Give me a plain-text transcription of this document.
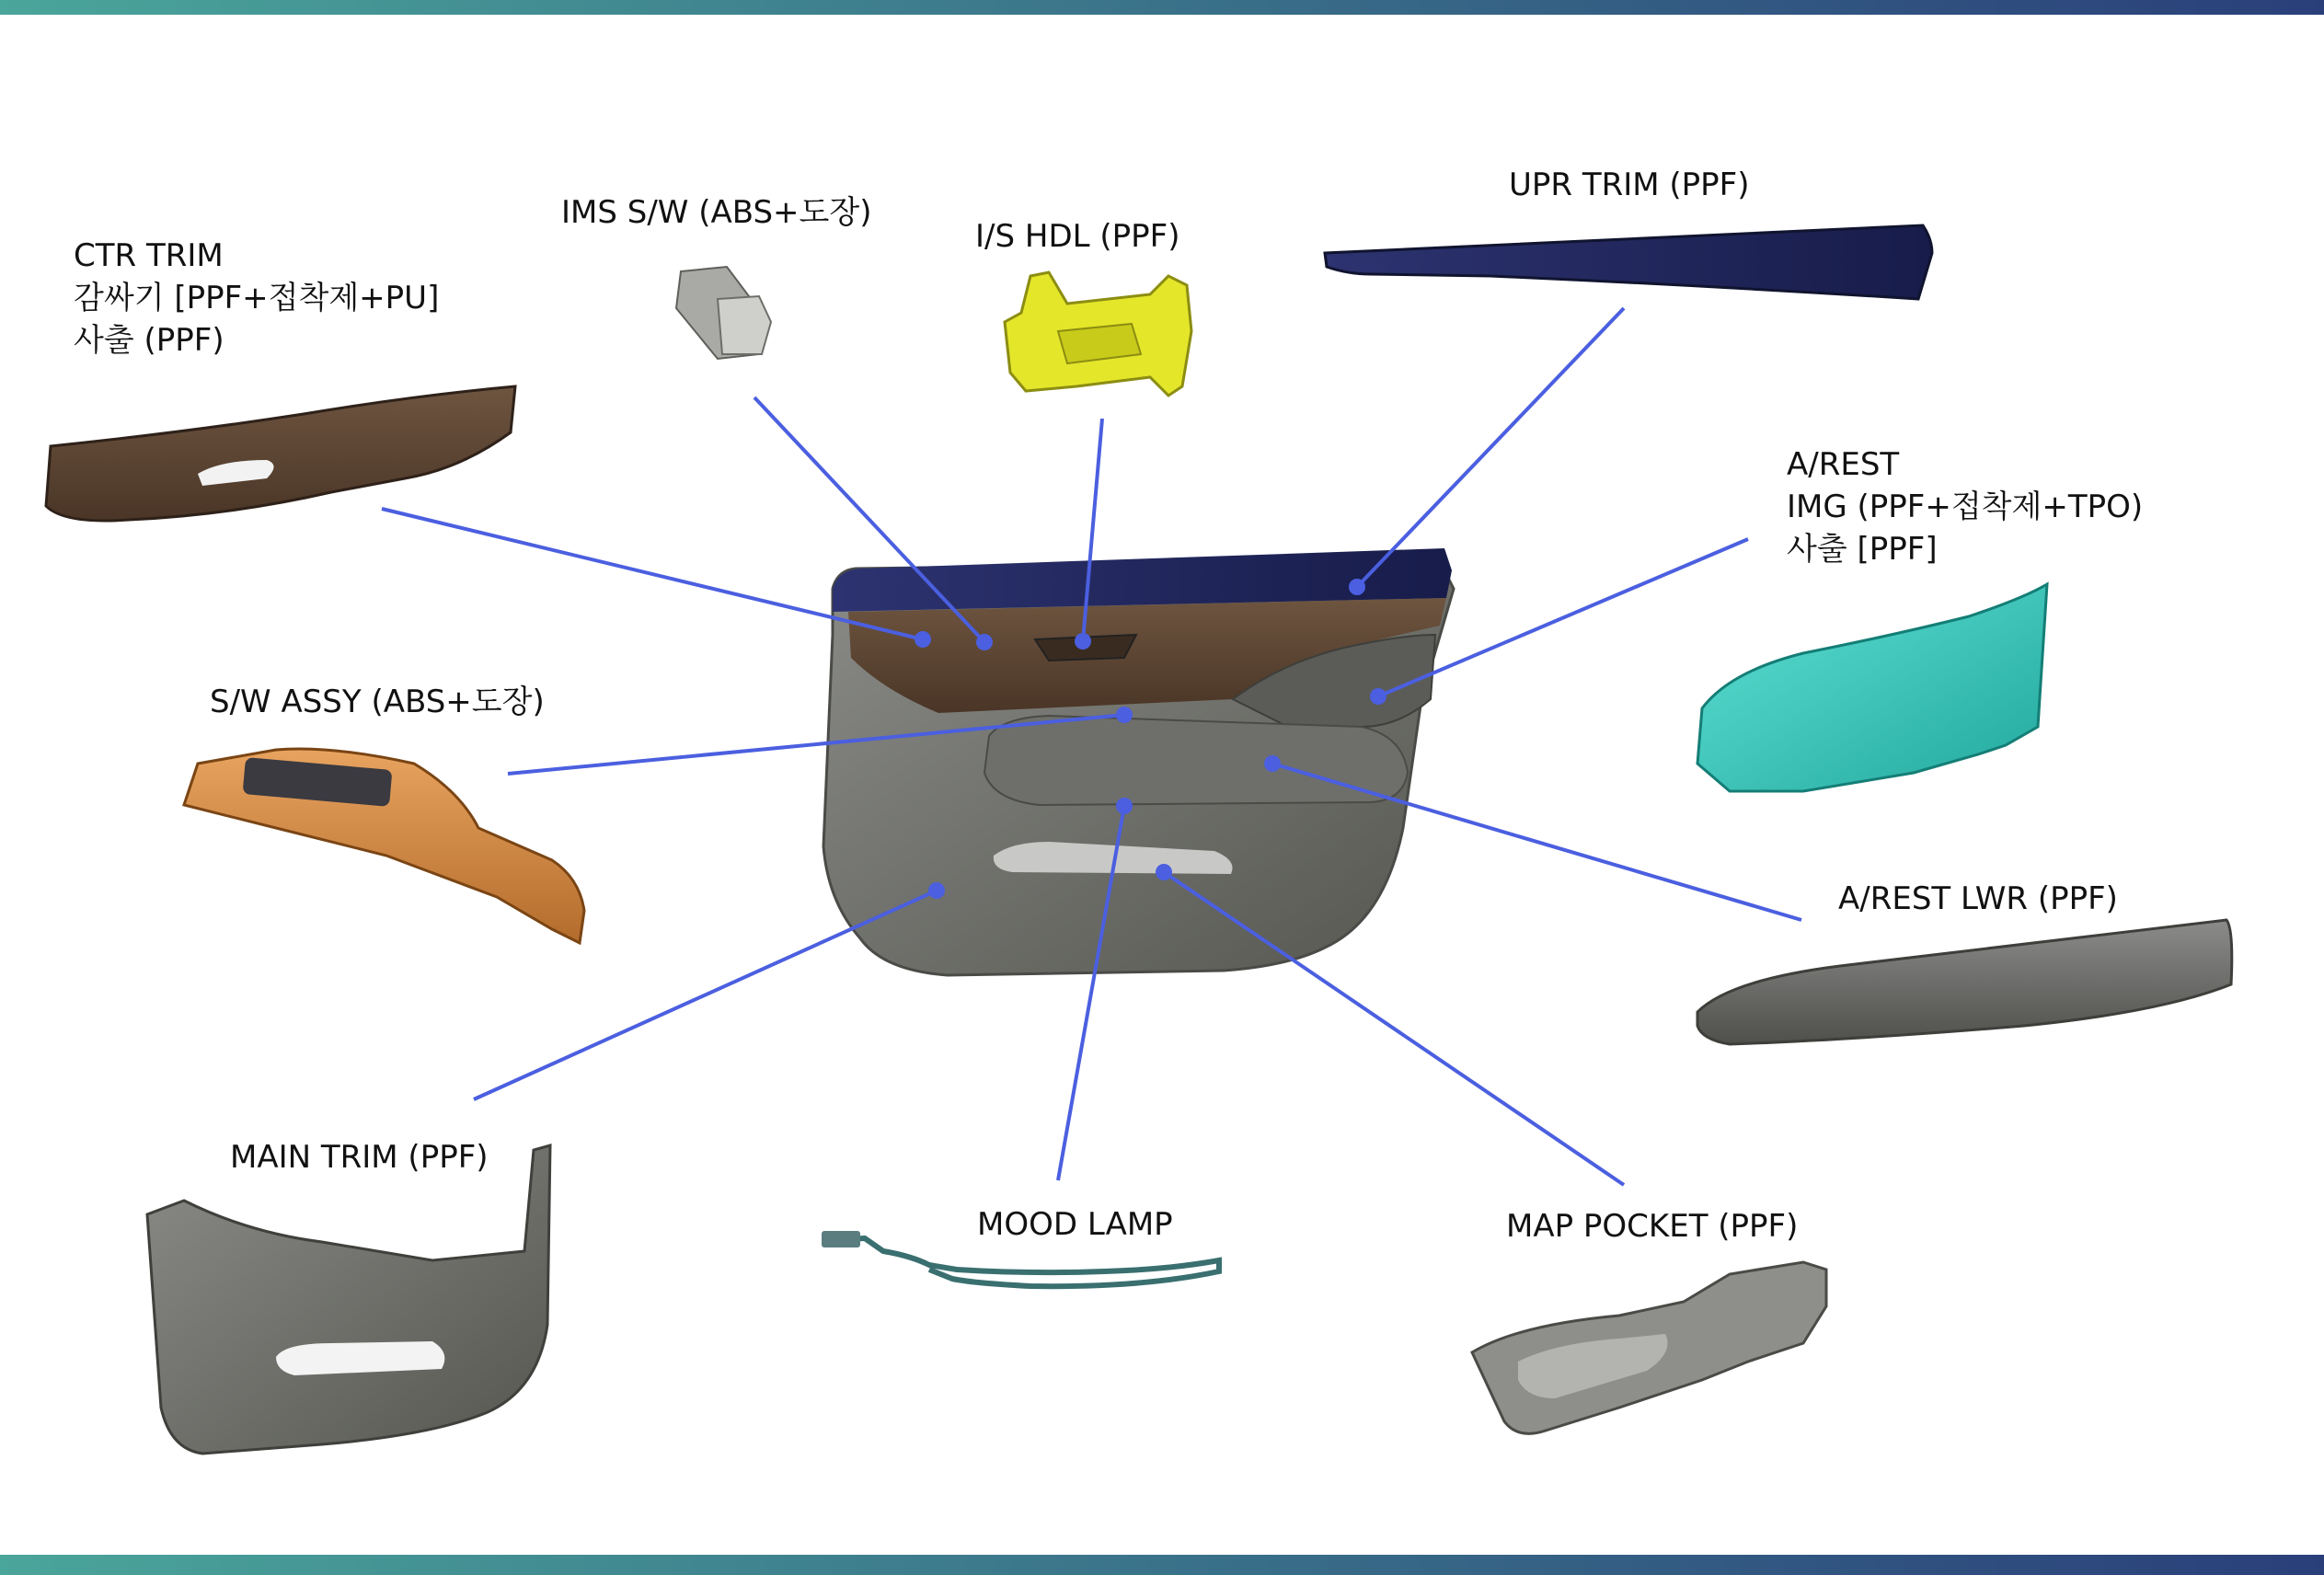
CTR TRIM
감싸기 [PPF+접착제+PU]
사출 (PPF)
IMS S/W (ABS+도장)
I/S HDL (PPF)
UPR TRIM (PPF)
A/REST
IMG (PPF+접착제+TPO)
사출 [PPF]
S/W ASSY (ABS+도장)
A/REST LWR (PPF)
MAIN TRIM (PPF)
MOOD LAMP	MAP POCKET (PPF)
